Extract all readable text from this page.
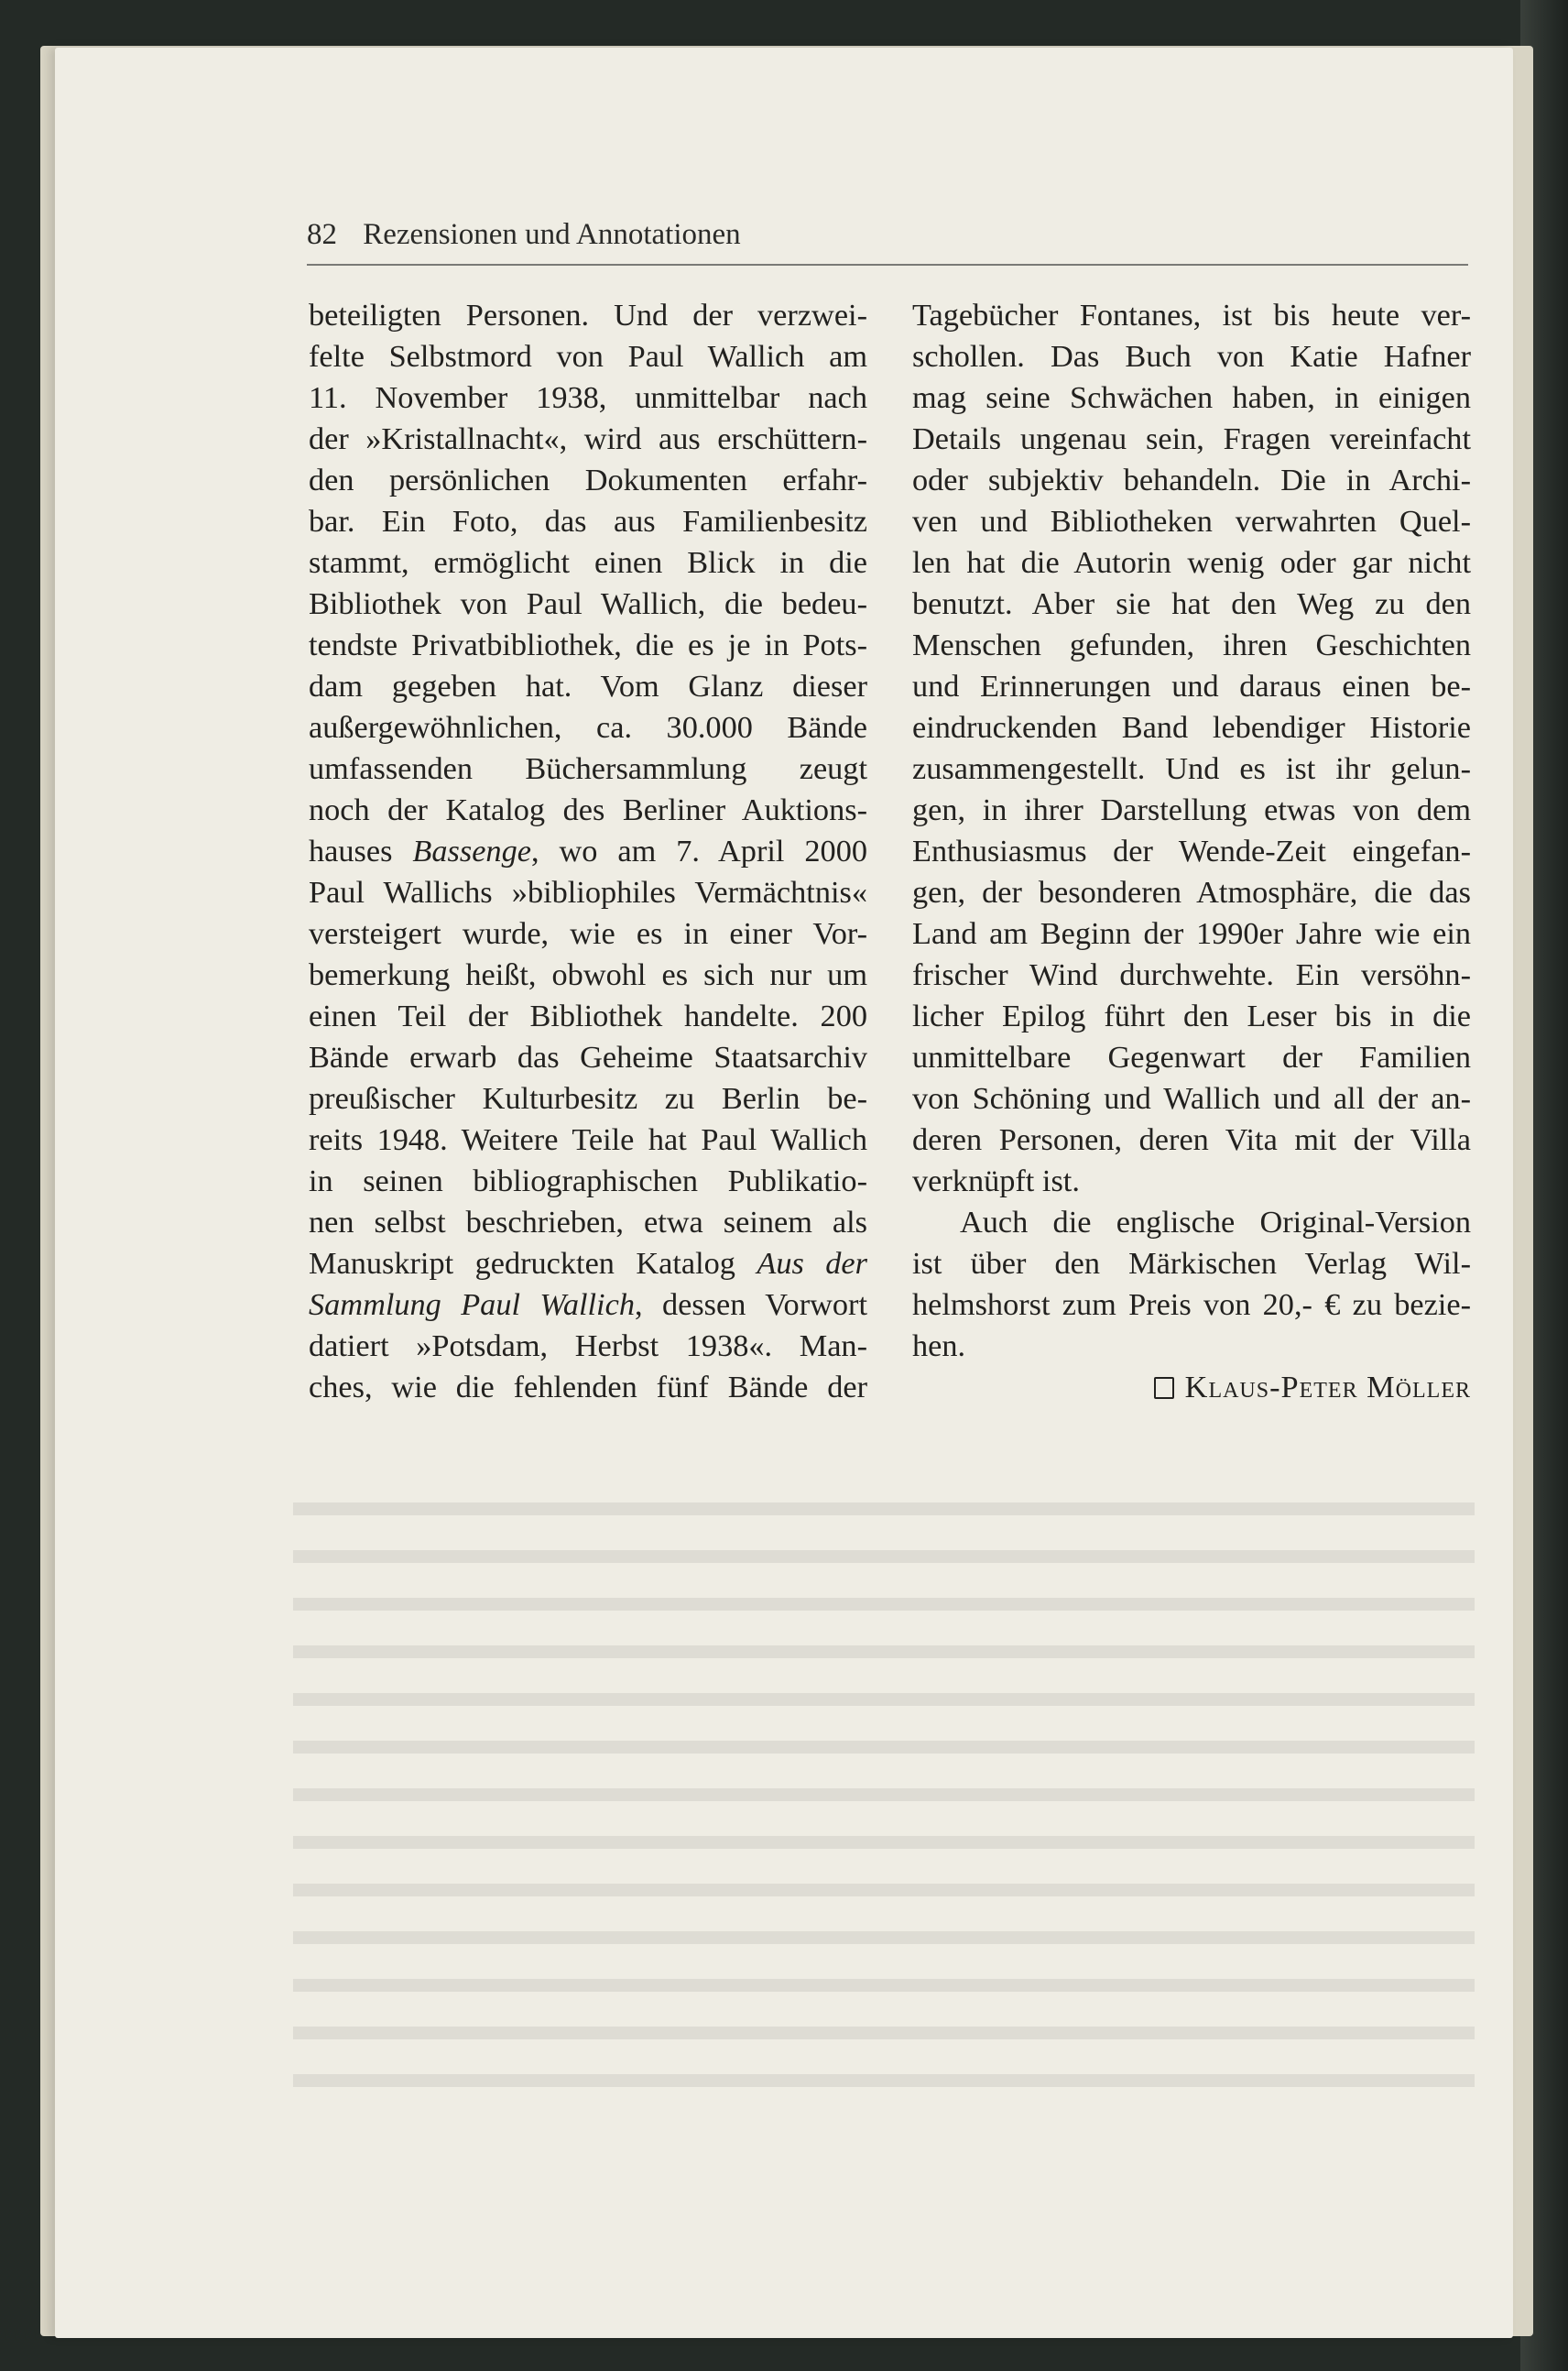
82 Rezensionen und Annotationen
beteiligten Personen. Und der verzwei-
felte Selbstmord von Paul Wallich am
11. November 1938, unmittelbar nach
der »Kristallnacht«, wird aus erschüttern-
den persönlichen Dokumenten erfahr-
bar. Ein Foto, das aus Familienbesitz
stammt, ermöglicht einen Blick in die
Bibliothek von Paul Wallich, die bedeu-
tendste Privatbibliothek, die es je in Pots-
dam gegeben hat. Vom Glanz dieser
außergewöhnlichen, ca. 30.000 Bände
umfassenden Büchersammlung zeugt
noch der Katalog des Berliner Auktions-
hauses Bassenge, wo am 7. April 2000
Paul Wallichs »bibliophiles Vermächtnis«
versteigert wurde, wie es in einer Vor-
bemerkung heißt, obwohl es sich nur um
einen Teil der Bibliothek handelte. 200
Bände erwarb das Geheime Staatsarchiv
preußischer Kulturbesitz zu Berlin be-
reits 1948. Weitere Teile hat Paul Wallich
in seinen bibliographischen Publikatio-
nen selbst beschrieben, etwa seinem als
Manuskript gedruckten Katalog Aus der
Sammlung Paul Wallich, dessen Vorwort
datiert »Potsdam, Herbst 1938«. Man-
ches, wie die fehlenden fünf Bände der
Tagebücher Fontanes, ist bis heute ver-
schollen. Das Buch von Katie Hafner
mag seine Schwächen haben, in einigen
Details ungenau sein, Fragen vereinfacht
oder subjektiv behandeln. Die in Archi-
ven und Bibliotheken verwahrten Quel-
len hat die Autorin wenig oder gar nicht
benutzt. Aber sie hat den Weg zu den
Menschen gefunden, ihren Geschichten
und Erinnerungen und daraus einen be-
eindruckenden Band lebendiger Historie
zusammengestellt. Und es ist ihr gelun-
gen, in ihrer Darstellung etwas von dem
Enthusiasmus der Wende-Zeit eingefan-
gen, der besonderen Atmosphäre, die das
Land am Beginn der 1990er Jahre wie ein
frischer Wind durchwehte. Ein versöhn-
licher Epilog führt den Leser bis in die
unmittelbare Gegenwart der Familien
von Schöning und Wallich und all der an-
deren Personen, deren Vita mit der Villa
verknüpft ist.
Auch die englische Original-Version
ist über den Märkischen Verlag Wil-
helmshorst zum Preis von 20,- € zu bezie-
hen.
Klaus-Peter Möller
